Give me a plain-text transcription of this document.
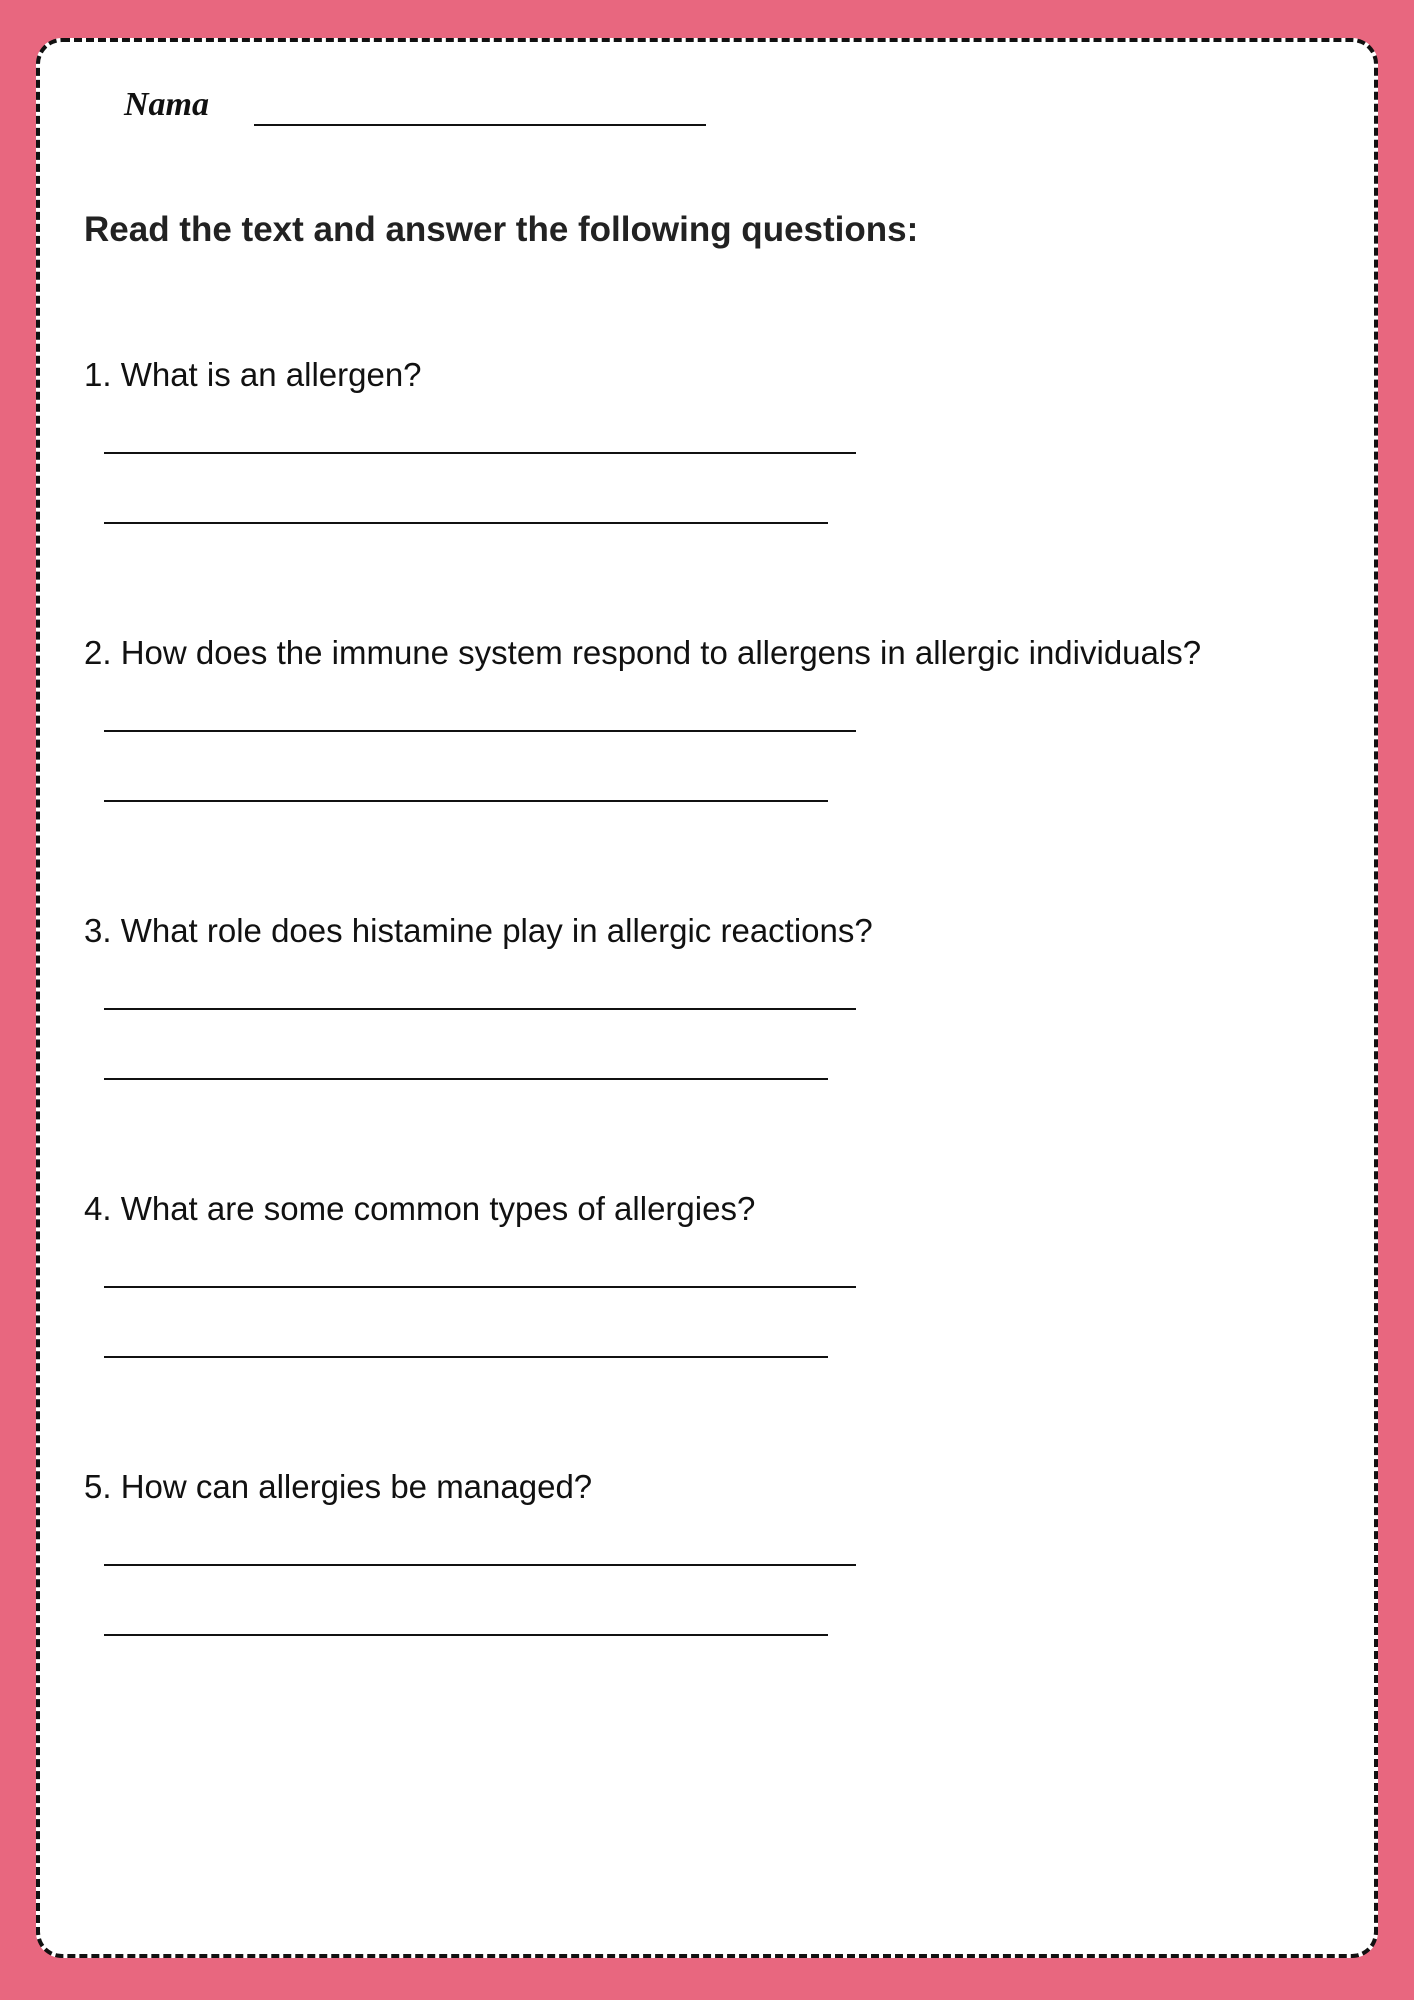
Nama
Read the text and answer the following questions:

1. What is an allergen?

2. How does the immune system respond to allergens in allergic individuals?

3. What role does histamine play in allergic reactions?

4. What are some common types of allergies?

5. How can allergies be managed?
